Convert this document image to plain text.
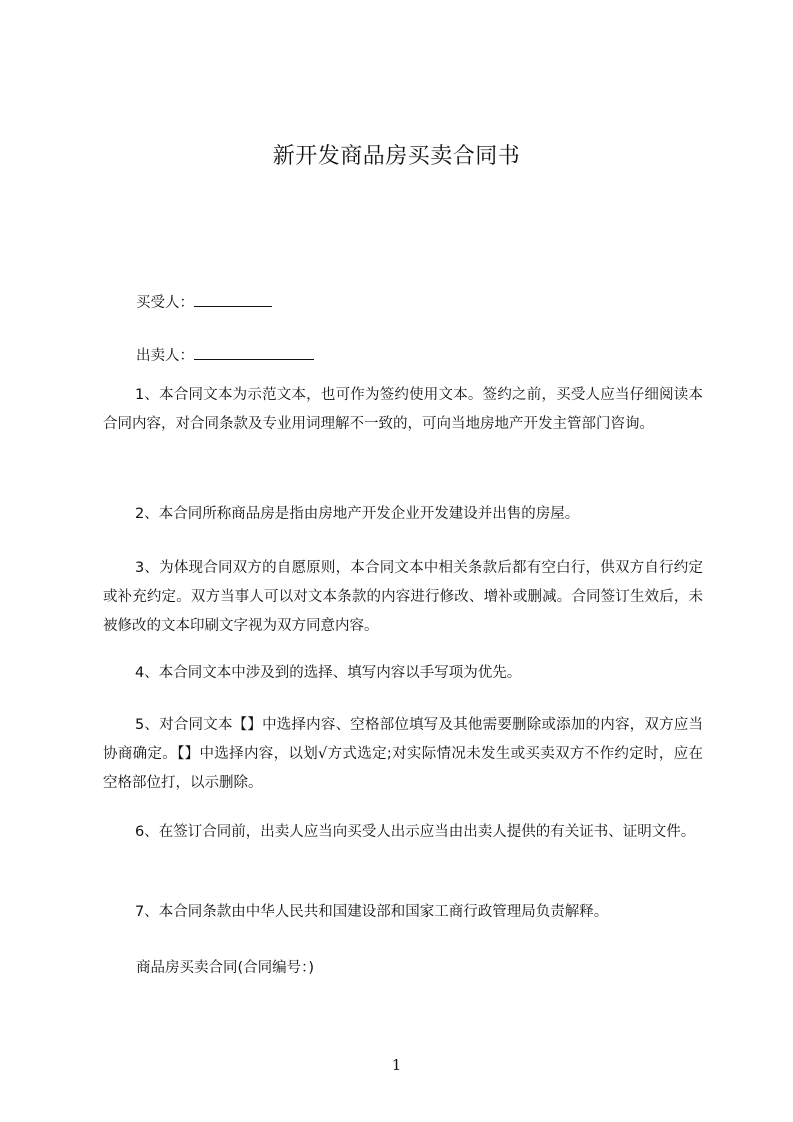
新开发商品房买卖合同书
买受人：
出卖人：

1、本合同文本为示范文本，也可作为签约使用文本。签约之前，买受人应当仔细阅读本合同内容，对合同条款及专业用词理解不一致的，可向当地房地产开发主管部门咨询。

2、本合同所称商品房是指由房地产开发企业开发建设并出售的房屋。

3、为体现合同双方的自愿原则，本合同文本中相关条款后都有空白行，供双方自行约定或补充约定。双方当事人可以对文本条款的内容进行修改、增补或删减。合同签订生效后，未被修改的文本印刷文字视为双方同意内容。

4、本合同文本中涉及到的选择、填写内容以手写项为优先。

5、对合同文本【】中选择内容、空格部位填写及其他需要删除或添加的内容，双方应当协商确定。【】中选择内容，以划√方式选定;对实际情况未发生或买卖双方不作约定时，应在空格部位打，以示删除。

6、在签订合同前，出卖人应当向买受人出示应当由出卖人提供的有关证书、证明文件。

7、本合同条款由中华人民共和国建设部和国家工商行政管理局负责解释。

商品房买卖合同(合同编号：)
1
